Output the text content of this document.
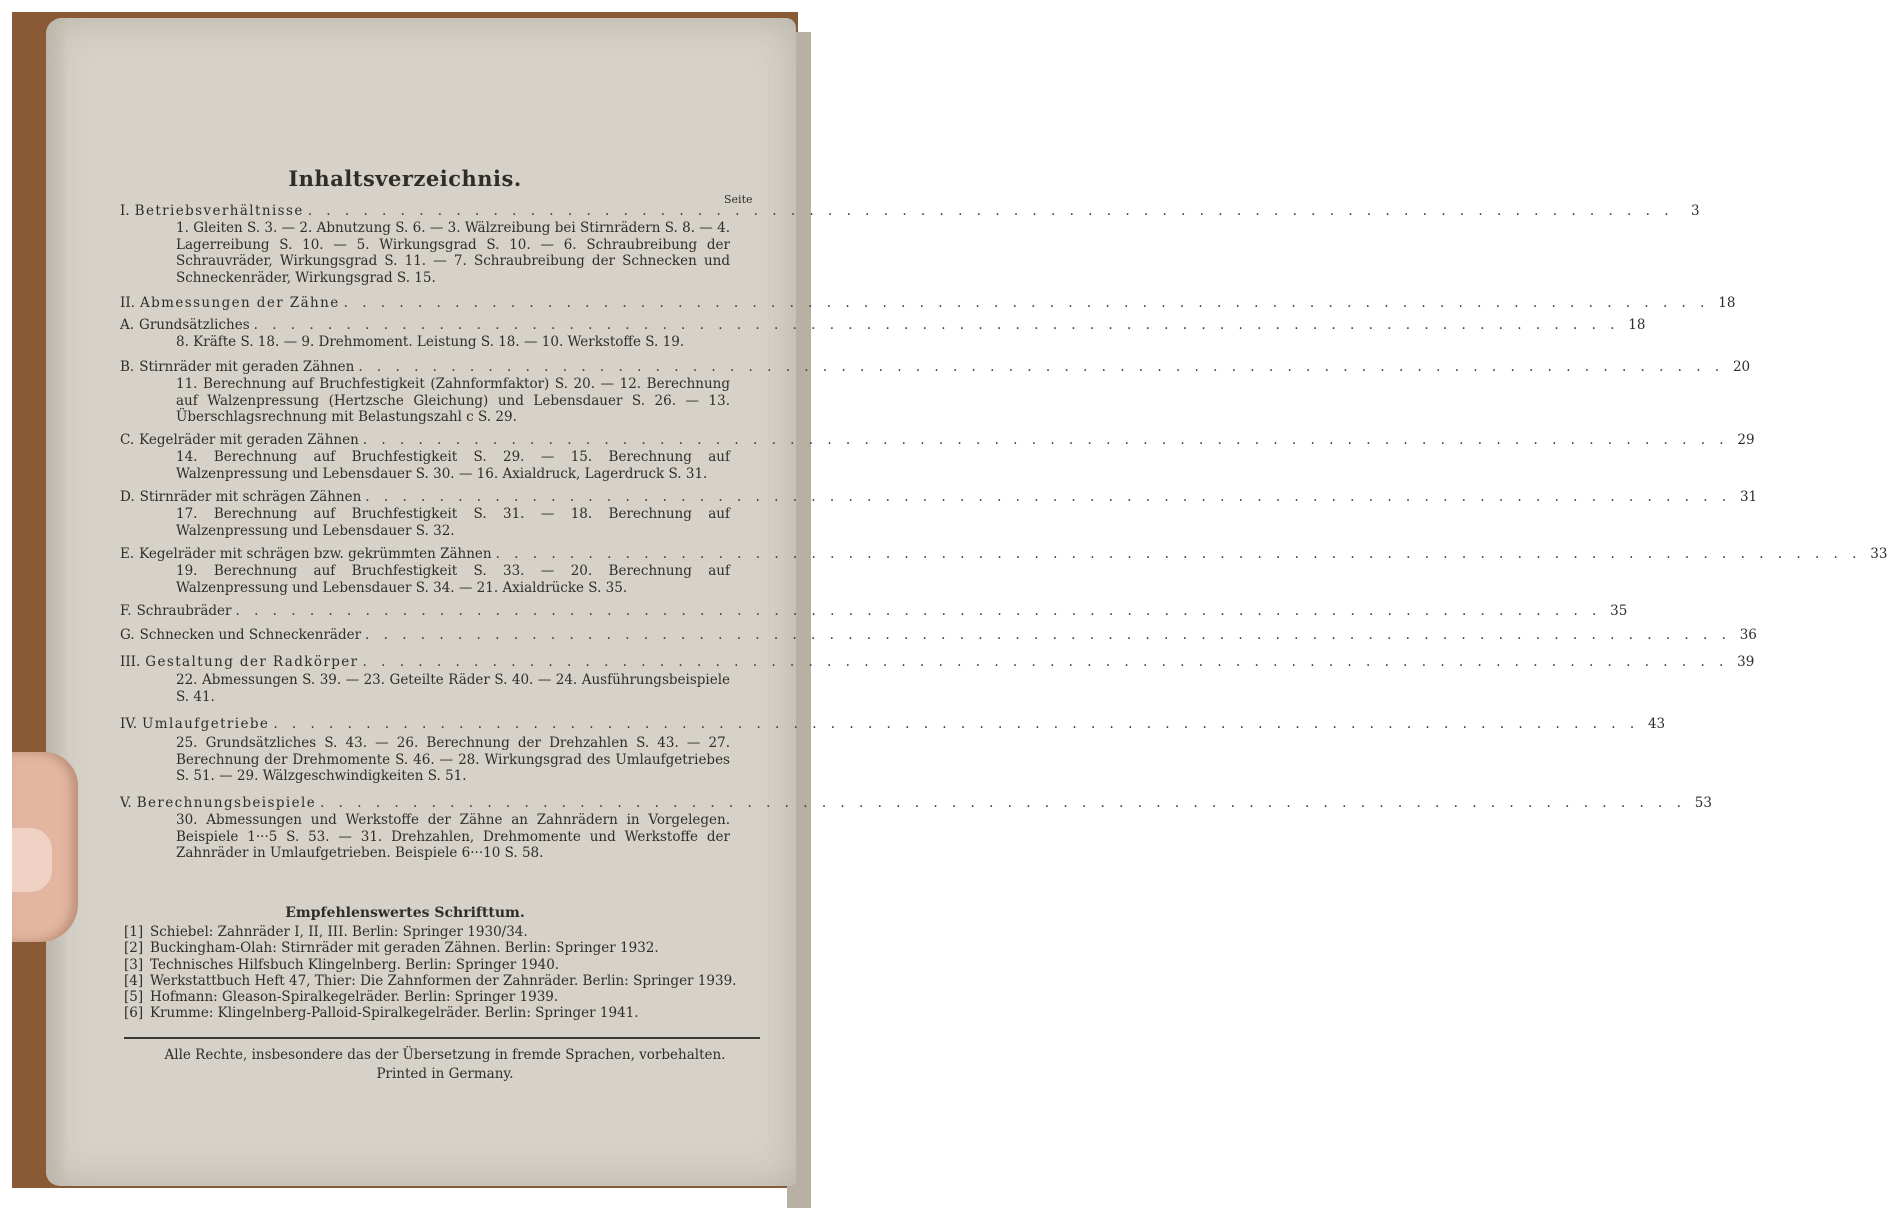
Inhaltsverzeichnis.

Seite

I. Betriebsverhältnisse . . . . . . . . . . . . . . . . . . . . . . . . . . . . . . . . . . . . . . . . . . . . . . . . . . . . . . . . . . . . . . . . . . . . . . . . . .	3

1. Gleiten S. 3. — 2. Abnutzung S. 6. — 3. Wälzreibung bei Stirnrädern S. 8. — 4. Lagerreibung S. 10. — 5. Wirkungsgrad S. 10. — 6. Schraubreibung der Schrauvräder, Wirkungsgrad S. 11. — 7. Schraubreibung der Schnecken und Schneckenräder, Wirkungsgrad S. 15.

II. Abmessungen der Zähne . . . . . . . . . . . . . . . . . . . . . . . . . . . . . . . . . . . . . . . . . . . . . . . . . . . . . . . . . . . . . . . . . . . . . . . . . . 18
A. Grundsätzliches . . . . . . . . . . . . . . . . . . . . . . . . . . . . . . . . . . . . . . . . . . . . . . . . . . . . . . . . . . . . . . . . . . . . . . . . . . 18

8. Kräfte S. 18. — 9. Drehmoment. Leistung S. 18. — 10. Werkstoffe S. 19.

B. Stirnräder mit geraden Zähnen . . . . . . . . . . . . . . . . . . . . . . . . . . . . . . . . . . . . . . . . . . . . . . . . . . . . . . . . . . . . . . . . . . . . . . . . . . 20

11. Berechnung auf Bruchfestigkeit (Zahnformfaktor) S. 20. — 12. Berechnung auf Walzenpressung (Hertzsche Gleichung) und Lebensdauer S. 26. — 13. Überschlagsrechnung mit Belastungszahl c S. 29.

C. Kegelräder mit geraden Zähnen . . . . . . . . . . . . . . . . . . . . . . . . . . . . . . . . . . . . . . . . . . . . . . . . . . . . . . . . . . . . . . . . . . . . . . . . . . 29

14. Berechnung auf Bruchfestigkeit S. 29. — 15. Berechnung auf Walzenpressung und Lebensdauer S. 30. — 16. Axialdruck, Lagerdruck S. 31.

D. Stirnräder mit schrägen Zähnen . . . . . . . . . . . . . . . . . . . . . . . . . . . . . . . . . . . . . . . . . . . . . . . . . . . . . . . . . . . . . . . . . . . . . . . . . . 31

17. Berechnung auf Bruchfestigkeit S. 31. — 18. Berechnung auf Walzenpressung und Lebensdauer S. 32.

E. Kegelräder mit schrägen bzw. gekrümmten Zähnen . . . . . . . . . . . . . . . . . . . . . . . . . . . . . . . . . . . . . . . . . . . . . . . . . . . . . . . . . . . . . . . . . . . . . . . . . . 33

19. Berechnung auf Bruchfestigkeit S. 33. — 20. Berechnung auf Walzenpressung und Lebensdauer S. 34. — 21. Axialdrücke S. 35.

F. Schraubräder . . . . . . . . . . . . . . . . . . . . . . . . . . . . . . . . . . . . . . . . . . . . . . . . . . . . . . . . . . . . . . . . . . . . . . . . . . 35
G. Schnecken und Schneckenräder . . . . . . . . . . . . . . . . . . . . . . . . . . . . . . . . . . . . . . . . . . . . . . . . . . . . . . . . . . . . . . . . . . . . . . . . . . 36
III. Gestaltung der Radkörper . . . . . . . . . . . . . . . . . . . . . . . . . . . . . . . . . . . . . . . . . . . . . . . . . . . . . . . . . . . . . . . . . . . . . . . . . . 39

22. Abmessungen S. 39. — 23. Geteilte Räder S. 40. — 24. Ausführungsbeispiele S. 41.

IV. Umlaufgetriebe . . . . . . . . . . . . . . . . . . . . . . . . . . . . . . . . . . . . . . . . . . . . . . . . . . . . . . . . . . . . . . . . . . . . . . . . . . 43

25. Grundsätzliches S. 43. — 26. Berechnung der Drehzahlen S. 43. — 27. Berechnung der Drehmomente S. 46. — 28. Wirkungsgrad des Umlaufgetriebes S. 51. — 29. Wälzgeschwindigkeiten S. 51.

V. Berechnungsbeispiele . . . . . . . . . . . . . . . . . . . . . . . . . . . . . . . . . . . . . . . . . . . . . . . . . . . . . . . . . . . . . . . . . . . . . . . . . . 53

30. Abmessungen und Werkstoffe der Zähne an Zahnrädern in Vorgelegen. Beispiele 1···5 S. 53. — 31. Drehzahlen, Drehmomente und Werkstoffe der Zahnräder in Umlaufgetrieben. Beispiele 6···10 S. 58.

Empfehlenswertes Schrifttum.
[1] Schiebel: Zahnräder I, II, III. Berlin: Springer 1930/34.
[2] Buckingham-Olah: Stirnräder mit geraden Zähnen. Berlin: Springer 1932.
[3] Technisches Hilfsbuch Klingelnberg. Berlin: Springer 1940.
[4] Werkstattbuch Heft 47, Thier: Die Zahnformen der Zahnräder. Berlin: Springer 1939.
[5] Hofmann: Gleason-Spiralkegelräder. Berlin: Springer 1939.
[6] Krumme: Klingelnberg-Palloid-Spiralkegelräder. Berlin: Springer 1941.

Alle Rechte, insbesondere das der Übersetzung in fremde Sprachen, vorbehalten.
Printed in Germany.
